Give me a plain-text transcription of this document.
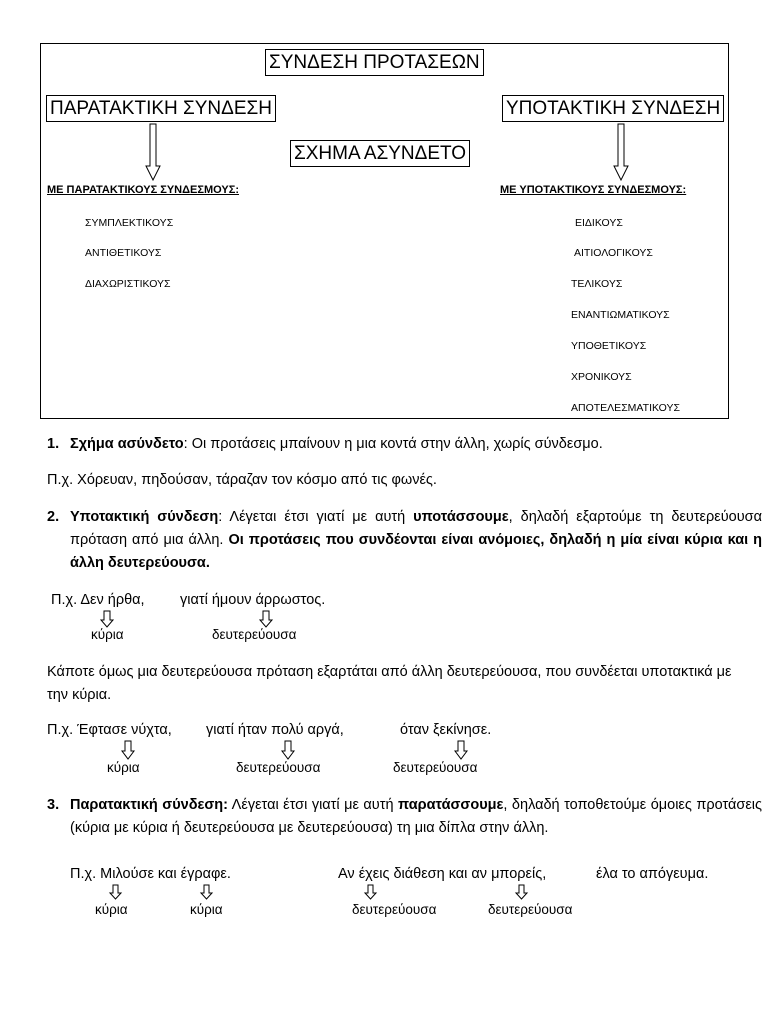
ΣΥΝΔΕΣΗ ΠΡΟΤΑΣΕΩΝ
ΠΑΡΑΤΑΚΤΙΚΗ ΣΥΝΔΕΣΗ	ΥΠΟΤΑΚΤΙΚΗ ΣΥΝΔΕΣΗ
ΣΧΗΜΑ ΑΣΥΝΔΕΤΟ
ΜΕ ΠΑΡΑΤΑΚΤΙΚΟΥΣ ΣΥΝΔΕΣΜΟΥΣ:	ΜΕ ΥΠΟΤΑΚΤΙΚΟΥΣ ΣΥΝΔΕΣΜΟΥΣ:
ΣΥΜΠΛΕΚΤΙΚΟΥΣ
ΑΝΤΙΘΕΤΙΚΟΥΣ
ΔΙΑΧΩΡΙΣΤΙΚΟΥΣ
ΕΙΔΙΚΟΥΣ
ΑΙΤΙΟΛΟΓΙΚΟΥΣ
ΤΕΛΙΚΟΥΣ
ΕΝΑΝΤΙΩΜΑΤΙΚΟΥΣ
ΥΠΟΘΕΤΙΚΟΥΣ
ΧΡΟΝΙΚΟΥΣ
ΑΠΟΤΕΛΕΣΜΑΤΙΚΟΥΣ
1. Σχήμα ασύνδετο: Οι προτάσεις μπαίνουν η μια κοντά στην άλλη, χωρίς σύνδεσμο.
Π.χ. Χόρευαν, πηδούσαν, τάραζαν τον κόσμο από τις φωνές.
2. Υποτακτική σύνδεση: Λέγεται έτσι γιατί με αυτή υποτάσσουμε, δηλαδή εξαρτούμε τη δευτερεύουσα πρόταση από μια άλλη. Οι προτάσεις που συνδέονται είναι ανόμοιες, δηλαδή η μία είναι κύρια και η άλλη δευτερεύουσα.
Π.χ. Δεν ήρθα, γιατί ήμουν άρρωστος.
κύρια	δευτερεύουσα
Κάποτε όμως μια δευτερεύουσα πρόταση εξαρτάται από άλλη δευτερεύουσα, που συνδέεται υποτακτικά με την κύρια.
Π.χ. Έφτασε νύχτα, γιατί ήταν πολύ αργά,	όταν ξεκίνησε.
κύρια	δευτερεύουσα	δευτερεύουσα
3. Παρατακτική σύνδεση: Λέγεται έτσι γιατί με αυτή παρατάσσουμε, δηλαδή τοποθετούμε όμοιες προτάσεις (κύρια με κύρια ή δευτερεύουσα με δευτερεύουσα) τη μια δίπλα στην άλλη.
Π.χ. Μιλούσε και έγραφε.	Αν έχεις διάθεση και αν μπορείς,	έλα το απόγευμα.
κύρια	κύρια	δευτερεύουσα	δευτερεύουσα
